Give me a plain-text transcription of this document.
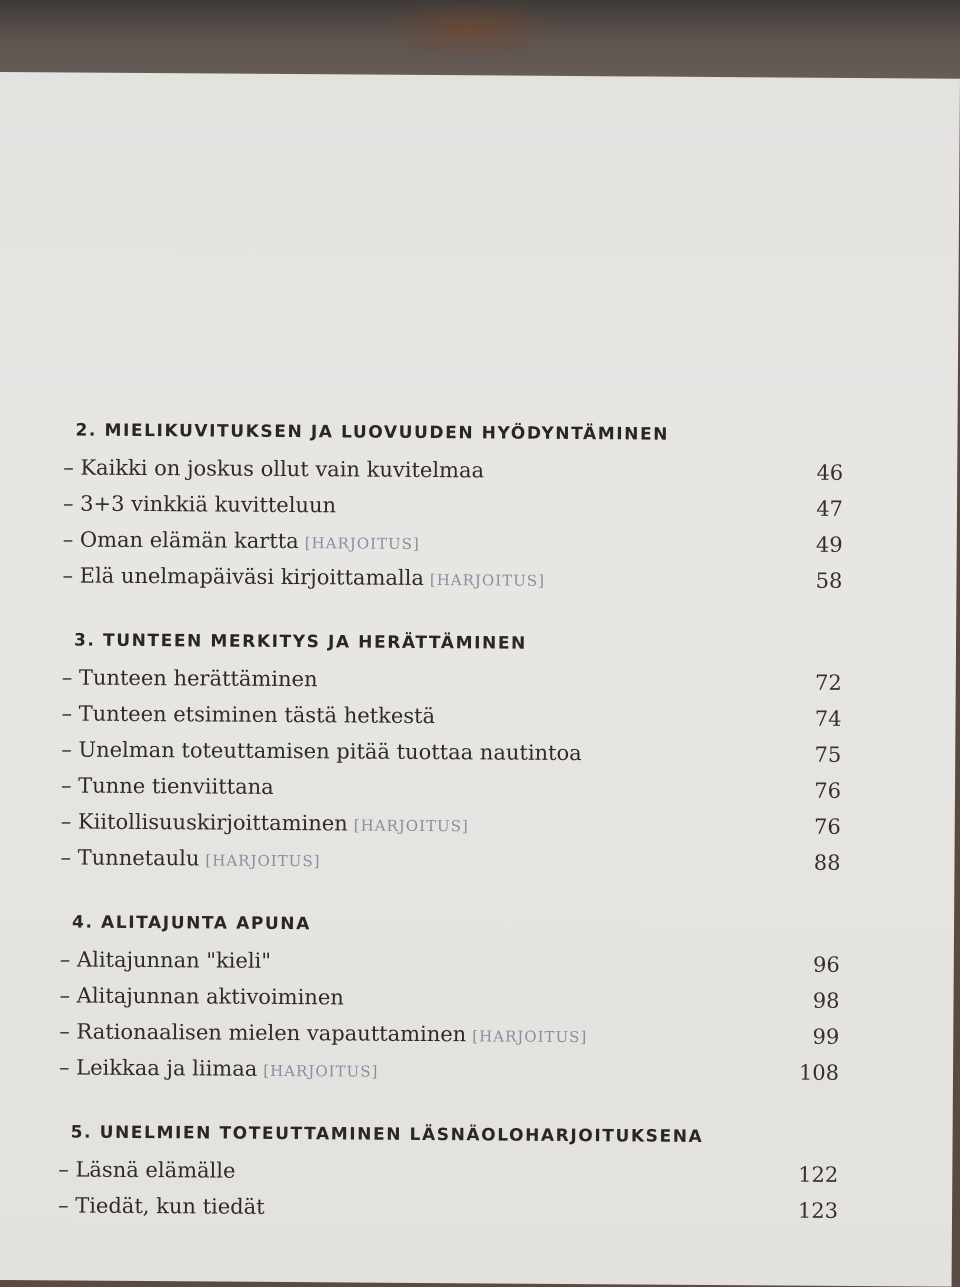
2. MIELIKUVITUKSEN JA LUOVUUDEN HYÖDYNTÄMINEN
– Kaikki on joskus ollut vain kuvitelmaa	46
– 3+3 vinkkiä kuvitteluun	47
– Oman elämän kartta [HARJOITUS]	49
– Elä unelmapäiväsi kirjoittamalla [HARJOITUS]	58
3. TUNTEEN MERKITYS JA HERÄTTÄMINEN
– Tunteen herättäminen	72
– Tunteen etsiminen tästä hetkestä	74
– Unelman toteuttamisen pitää tuottaa nautintoa	75
– Tunne tienviittana	76
– Kiitollisuuskirjoittaminen [HARJOITUS]	76
– Tunnetaulu [HARJOITUS]	88
4. ALITAJUNTA APUNA
– Alitajunnan "kieli"	96
– Alitajunnan aktivoiminen	98
– Rationaalisen mielen vapauttaminen [HARJOITUS]	99
– Leikkaa ja liimaa [HARJOITUS]	108
5. UNELMIEN TOTEUTTAMINEN LÄSNÄOLOHARJOITUKSENA
– Läsnä elämälle	122
– Tiedät, kun tiedät	123
